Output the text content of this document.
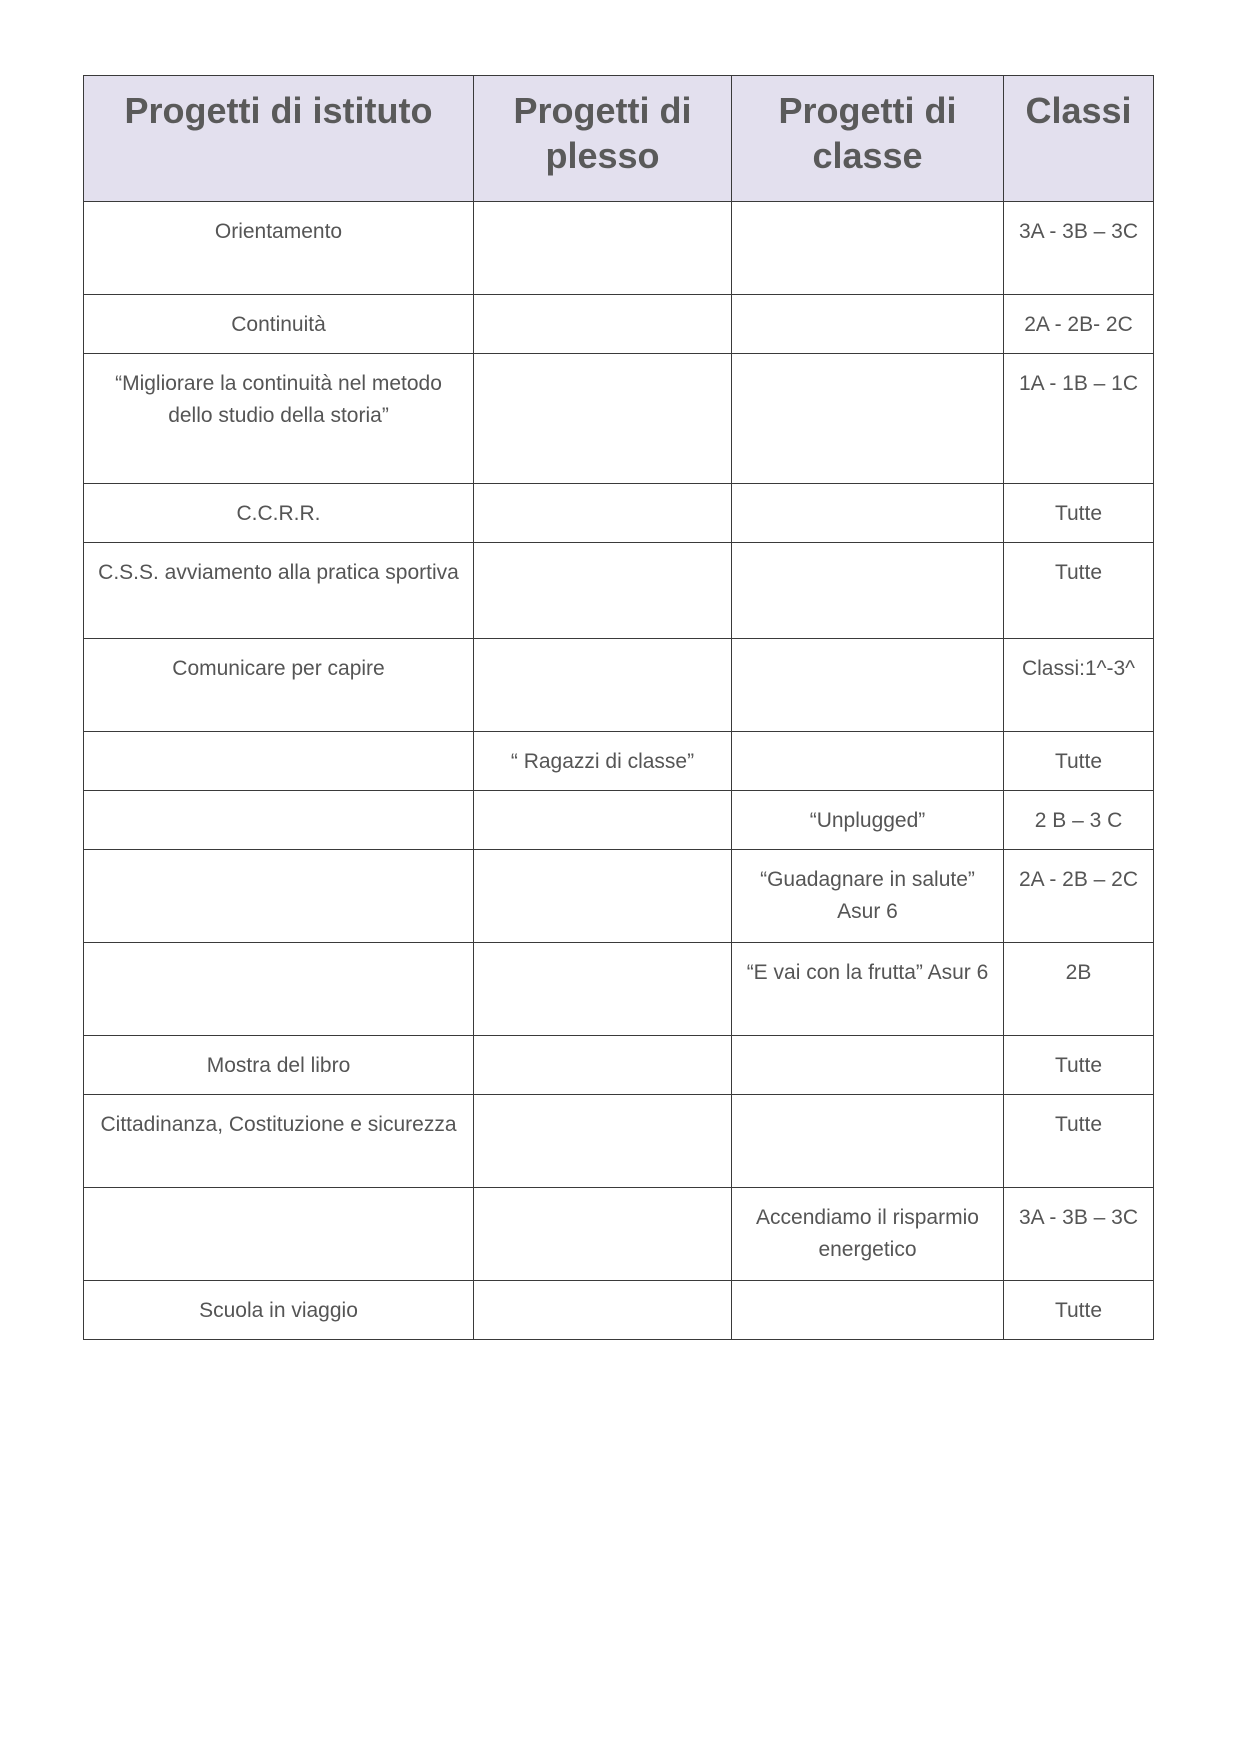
Progetti di istituto	Progetti di plesso	Progetti di classe	Classi
Orientamento			3A - 3B – 3C
Continuità			2A - 2B- 2C
“Migliorare la continuità nel metodo dello studio della storia”			1A - 1B – 1C
C.C.R.R.			Tutte
C.S.S. avviamento alla pratica sportiva			Tutte
Comunicare per capire			Classi:1^-3^
	“ Ragazzi di classe”		Tutte
		“Unplugged”	2 B – 3 C
		“Guadagnare in salute” Asur 6	2A - 2B – 2C
		“E vai con la frutta” Asur 6	2B
Mostra del libro			Tutte
Cittadinanza, Costituzione e sicurezza			Tutte
		Accendiamo il risparmio energetico	3A - 3B – 3C
Scuola in viaggio			Tutte
